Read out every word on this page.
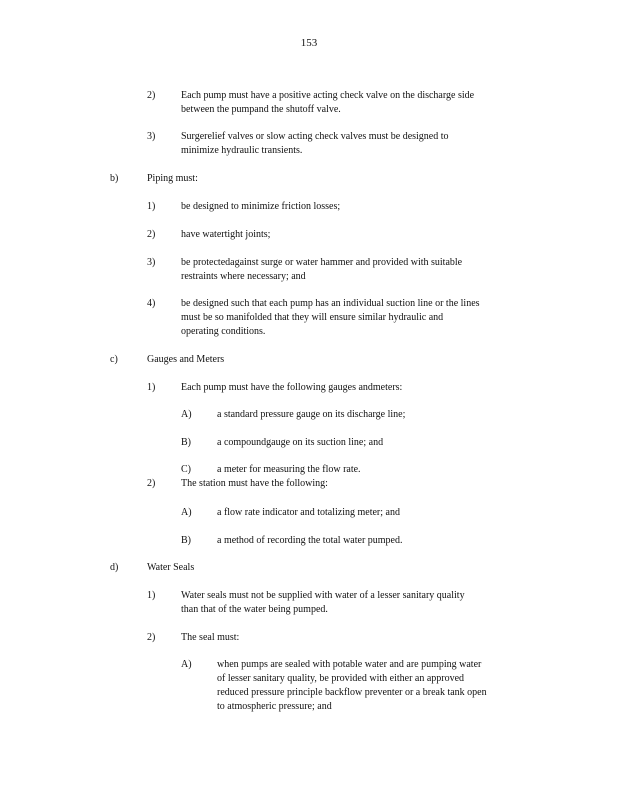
153
2)	Each pump must have a positive acting check valve on the discharge side
between the pumpand the shutoff valve.
3)	Surgerelief valves or slow acting check valves must be designed to
minimize hydraulic transients.
b)	Piping must:
1)	be designed to minimize friction losses;
2)	have watertight joints;
3)	be protectedagainst surge or water hammer and provided with suitable
restraints where necessary; and
4)	be designed such that each pump has an individual suction line or the lines
must be so manifolded that they will ensure similar hydraulic and
operating conditions.
c)	Gauges and Meters
1)	Each pump must have the following gauges andmeters:
A)	a standard pressure gauge on its discharge line;
B)	a compoundgauge on its suction line; and
C)	a meter for measuring the flow rate.
2)	The station must have the following:
A)	a flow rate indicator and totalizing meter; and
B)	a method of recording the total water pumped.
d)	Water Seals
1)	Water seals must not be supplied with water of a lesser sanitary quality
than that of the water being pumped.
2)	The seal must:
A)	when pumps are sealed with potable water and are pumping water
of lesser sanitary quality, be provided with either an approved
reduced pressure principle backflow preventer or a break tank open
to atmospheric pressure; and
